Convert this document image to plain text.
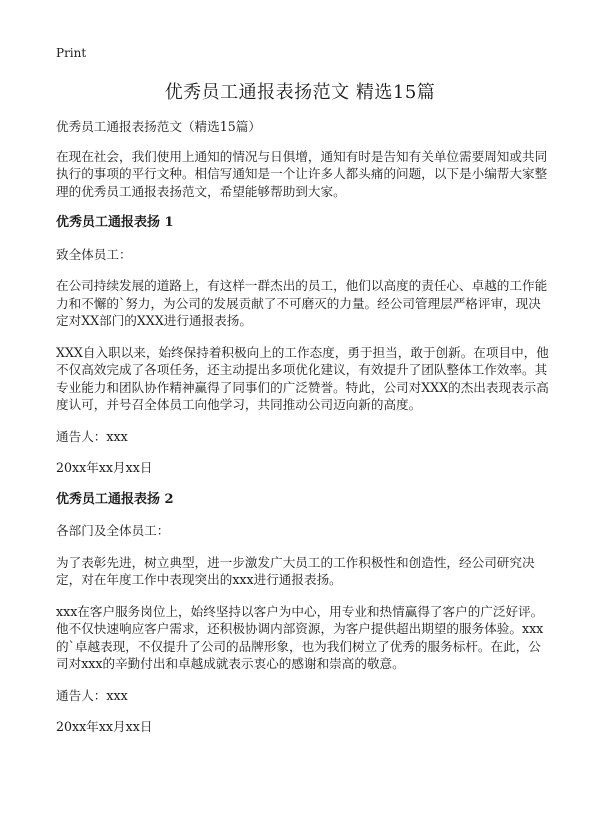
Print
优秀员工通报表扬范文 精选15篇

优秀员工通报表扬范文（精选15篇）

在现在社会，我们使用上通知的情况与日俱增，通知有时是告知有关单位需要周知或共同执行的事项的平行文种。相信写通知是一个让许多人都头痛的问题，以下是小编帮大家整理的优秀员工通报表扬范文，希望能够帮助到大家。

优秀员工通报表扬 1

致全体员工：

在公司持续发展的道路上，有这样一群杰出的员工，他们以高度的责任心、卓越的工作能力和不懈的`努力，为公司的发展贡献了不可磨灭的力量。经公司管理层严格评审，现决定对XX部门的XXX进行通报表扬。

XXX自入职以来，始终保持着积极向上的工作态度，勇于担当，敢于创新。在项目中，他不仅高效完成了各项任务，还主动提出多项优化建议，有效提升了团队整体工作效率。其专业能力和团队协作精神赢得了同事们的广泛赞誉。特此，公司对XXX的杰出表现表示高度认可，并号召全体员工向他学习，共同推动公司迈向新的高度。

通告人：xxx

20xx年xx月xx日

优秀员工通报表扬 2

各部门及全体员工：

为了表彰先进，树立典型，进一步激发广大员工的工作积极性和创造性，经公司研究决定，对在年度工作中表现突出的xxx进行通报表扬。

xxx在客户服务岗位上，始终坚持以客户为中心，用专业和热情赢得了客户的广泛好评。他不仅快速响应客户需求，还积极协调内部资源，为客户提供超出期望的服务体验。xxx的`卓越表现，不仅提升了公司的品牌形象，也为我们树立了优秀的服务标杆。在此，公司对xxx的辛勤付出和卓越成就表示衷心的感谢和崇高的敬意。

通告人：xxx

20xx年xx月xx日
